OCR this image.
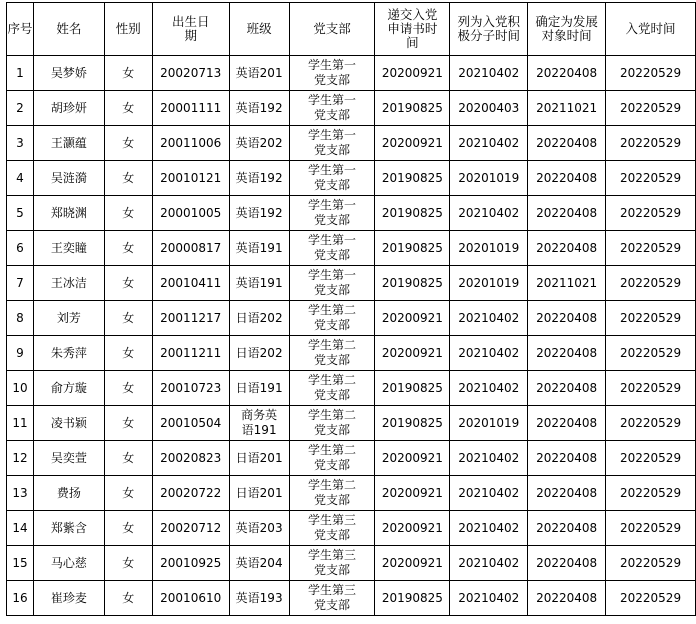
序号	姓名	性别	出生日期	班级	党支部	递交入党申请书时间	列为入党积极分子时间	确定为发展对象时间	入党时间
1	吴梦娇	女	20020713	英语201	学生第一党支部	20200921	20210402	20220408	20220529
2	胡珍妍	女	20001111	英语192	学生第一党支部	20190825	20200403	20211021	20220529
3	王灏蕴	女	20011006	英语202	学生第一党支部	20200921	20210402	20220408	20220529
4	吴涟漪	女	20010121	英语192	学生第一党支部	20190825	20201019	20220408	20220529
5	郑晓渊	女	20001005	英语192	学生第一党支部	20190825	20210402	20220408	20220529
6	王奕瞳	女	20000817	英语191	学生第一党支部	20190825	20201019	20220408	20220529
7	王冰洁	女	20010411	英语191	学生第一党支部	20190825	20201019	20211021	20220529
8	刘芳	女	20011217	日语202	学生第二党支部	20200921	20210402	20220408	20220529
9	朱秀萍	女	20011211	日语202	学生第二党支部	20200921	20210402	20220408	20220529
10	俞方璇	女	20010723	日语191	学生第二党支部	20190825	20210402	20220408	20220529
11	凌书颖	女	20010504	商务英语191	学生第二党支部	20190825	20201019	20220408	20220529
12	吴奕萱	女	20020823	日语201	学生第二党支部	20200921	20210402	20220408	20220529
13	费扬	女	20020722	日语201	学生第二党支部	20200921	20210402	20220408	20220529
14	郑紫含	女	20020712	英语203	学生第三党支部	20200921	20210402	20220408	20220529
15	马心慈	女	20010925	英语204	学生第三党支部	20200921	20210402	20220408	20220529
16	崔珍麦	女	20010610	英语193	学生第三党支部	20190825	20210402	20220408	20220529
